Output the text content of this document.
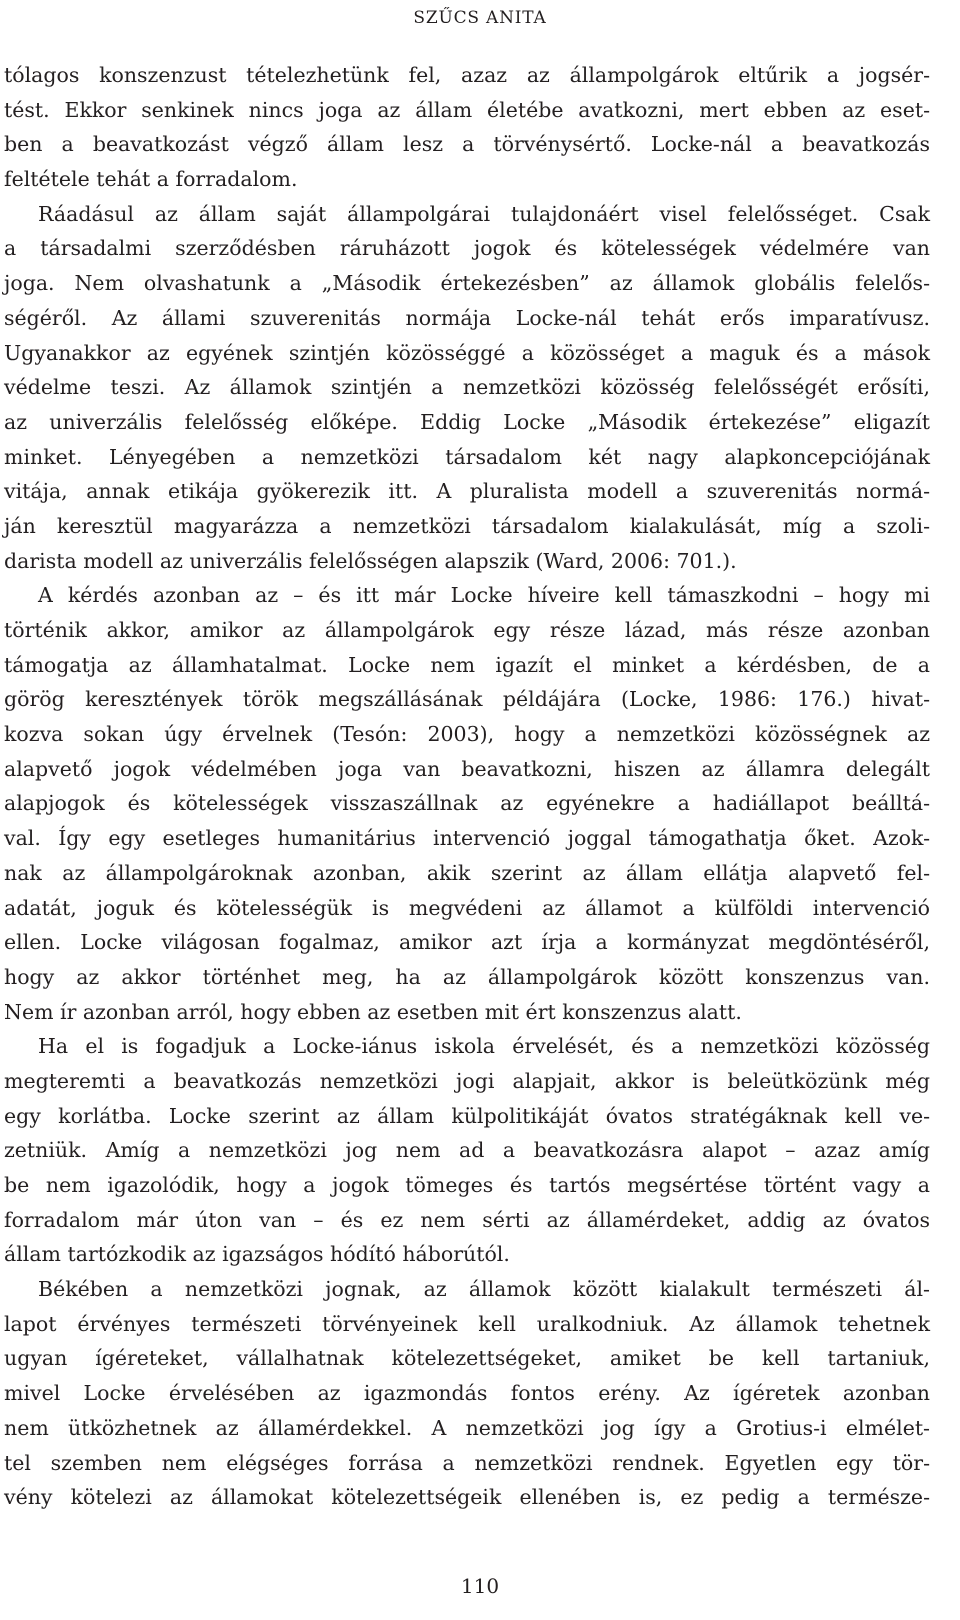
SZŰCS ANITA
tólagos konszenzust tételezhetünk fel, azaz az állampolgárok eltűrik a jogsér-
tést. Ekkor senkinek nincs joga az állam életébe avatkozni, mert ebben az eset-
ben a beavatkozást végző állam lesz a törvénysértő. Locke-nál a beavatkozás
feltétele tehát a forradalom.
Ráadásul az állam saját állampolgárai tulajdonáért visel felelősséget. Csak
a társadalmi szerződésben ráruházott jogok és kötelességek védelmére van
joga. Nem olvashatunk a „Második értekezésben” az államok globális felelős-
ségéről. Az állami szuverenitás normája Locke-nál tehát erős imparatívusz.
Ugyanakkor az egyének szintjén közösséggé a közösséget a maguk és a mások
védelme teszi. Az államok szintjén a nemzetközi közösség felelősségét erősíti,
az univerzális felelősség előképe. Eddig Locke „Második értekezése” eligazít
minket. Lényegében a nemzetközi társadalom két nagy alapkoncepciójának
vitája, annak etikája gyökerezik itt. A pluralista modell a szuverenitás normá-
ján keresztül magyarázza a nemzetközi társadalom kialakulását, míg a szoli-
darista modell az univerzális felelősségen alapszik (Ward, 2006: 701.).
A kérdés azonban az – és itt már Locke híveire kell támaszkodni – hogy mi
történik akkor, amikor az állampolgárok egy része lázad, más része azonban
támogatja az államhatalmat. Locke nem igazít el minket a kérdésben, de a
görög keresztények török megszállásának példájára (Locke, 1986: 176.) hivat-
kozva sokan úgy érvelnek (Tesón: 2003), hogy a nemzetközi közösségnek az
alapvető jogok védelmében joga van beavatkozni, hiszen az államra delegált
alapjogok és kötelességek visszaszállnak az egyénekre a hadiállapot beálltá-
val. Így egy esetleges humanitárius intervenció joggal támogathatja őket. Azok-
nak az állampolgároknak azonban, akik szerint az állam ellátja alapvető fel-
adatát, joguk és kötelességük is megvédeni az államot a külföldi intervenció
ellen. Locke világosan fogalmaz, amikor azt írja a kormányzat megdöntéséről,
hogy az akkor történhet meg, ha az állampolgárok között konszenzus van.
Nem ír azonban arról, hogy ebben az esetben mit ért konszenzus alatt.
Ha el is fogadjuk a Locke-iánus iskola érvelését, és a nemzetközi közösség
megteremti a beavatkozás nemzetközi jogi alapjait, akkor is beleütközünk még
egy korlátba. Locke szerint az állam külpolitikáját óvatos stratégáknak kell ve-
zetniük. Amíg a nemzetközi jog nem ad a beavatkozásra alapot – azaz amíg
be nem igazolódik, hogy a jogok tömeges és tartós megsértése történt vagy a
forradalom már úton van – és ez nem sérti az államérdeket, addig az óvatos
állam tartózkodik az igazságos hódító háborútól.
Békében a nemzetközi jognak, az államok között kialakult természeti ál-
lapot érvényes természeti törvényeinek kell uralkodniuk. Az államok tehetnek
ugyan ígéreteket, vállalhatnak kötelezettségeket, amiket be kell tartaniuk,
mivel Locke érvelésében az igazmondás fontos erény. Az ígéretek azonban
nem ütközhetnek az államérdekkel. A nemzetközi jog így a Grotius-i elmélet-
tel szemben nem elégséges forrása a nemzetközi rendnek. Egyetlen egy tör-
vény kötelezi az államokat kötelezettségeik ellenében is, ez pedig a természe-
110
